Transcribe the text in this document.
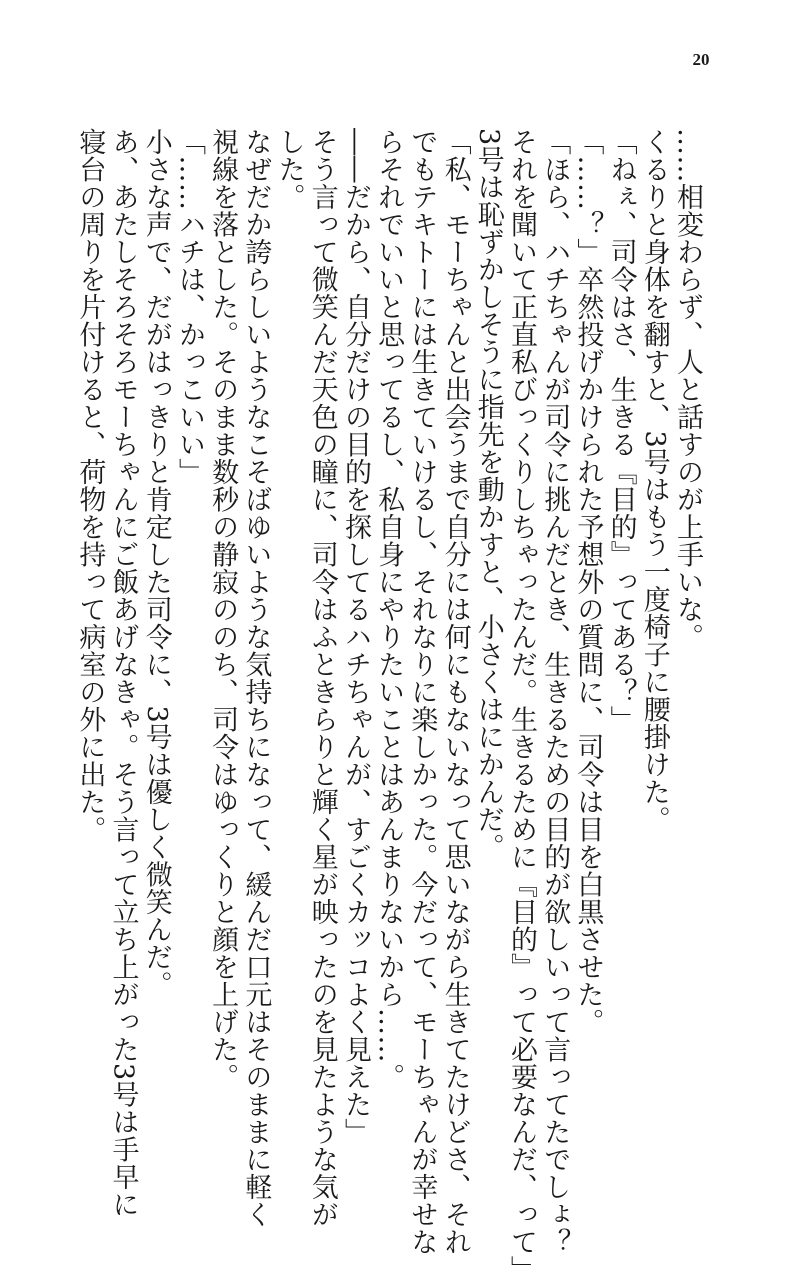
20
……相変わらず、人と話すのが上手いな。
くるりと身体を翻すと、3号はもう一度椅子に腰掛けた。
「ねぇ、司令はさ、生きる『目的』ってある？」
「……？」卒然投げかけられた予想外の質問に、司令は目を白黒させた。
「ほら、ハチちゃんが司令に挑んだとき、生きるための目的が欲しいって言ってたでしょ？
それを聞いて正直私びっくりしちゃったんだ。生きるために『目的』って必要なんだ、って」
3号は恥ずかしそうに指先を動かすと、小さくはにかんだ。
「私、モーちゃんと出会うまで自分には何にもないなって思いながら生きてたけどさ、それ
でもテキトーには生きていけるし、それなりに楽しかった。今だって、モーちゃんが幸せな
らそれでいいと思ってるし、私自身にやりたいことはあんまりないから……。
――だから、自分だけの目的を探してるハチちゃんが、すごくカッコよく見えた」
そう言って微笑んだ天色の瞳に、司令はふときらりと輝く星が映ったのを見たような気が
した。
なぜだか誇らしいようなこそばゆいような気持ちになって、緩んだ口元はそのままに軽く
視線を落とした。そのまま数秒の静寂ののち、司令はゆっくりと顔を上げた。
「……ハチは、かっこいい」
小さな声で、だがはっきりと肯定した司令に、3号は優しく微笑んだ。
あ、あたしそろそろモーちゃんにご飯あげなきゃ。そう言って立ち上がった3号は手早に
寝台の周りを片付けると、荷物を持って病室の外に出た。
